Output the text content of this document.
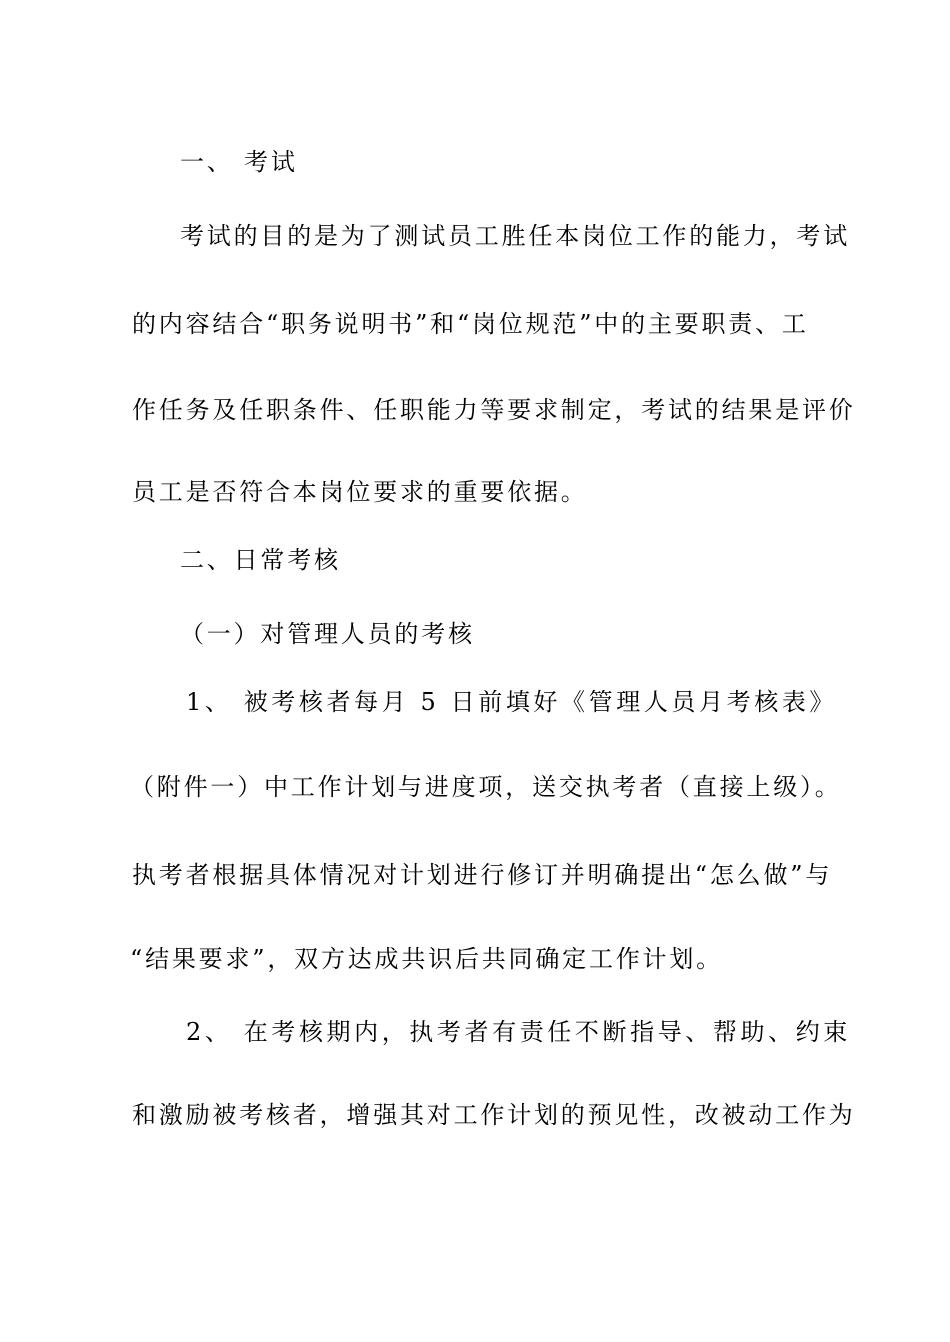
一、 考试
考试的目的是为了测试员工胜任本岗位工作的能力，考试
的内容结合“职务说明书”和“岗位规范”中的主要职责、工
作任务及任职条件、任职能力等要求制定，考试的结果是评价
员工是否符合本岗位要求的重要依据。
二、日常考核
（一）对管理人员的考核
1、 被考核者每月 5 日前填好《管理人员月考核表》
（附件一）中工作计划与进度项，送交执考者（直接上级）。
执考者根据具体情况对计划进行修订并明确提出“怎么做”与
“结果要求”，双方达成共识后共同确定工作计划。
2、 在考核期内，执考者有责任不断指导、帮助、约束
和激励被考核者，增强其对工作计划的预见性，改被动工作为
